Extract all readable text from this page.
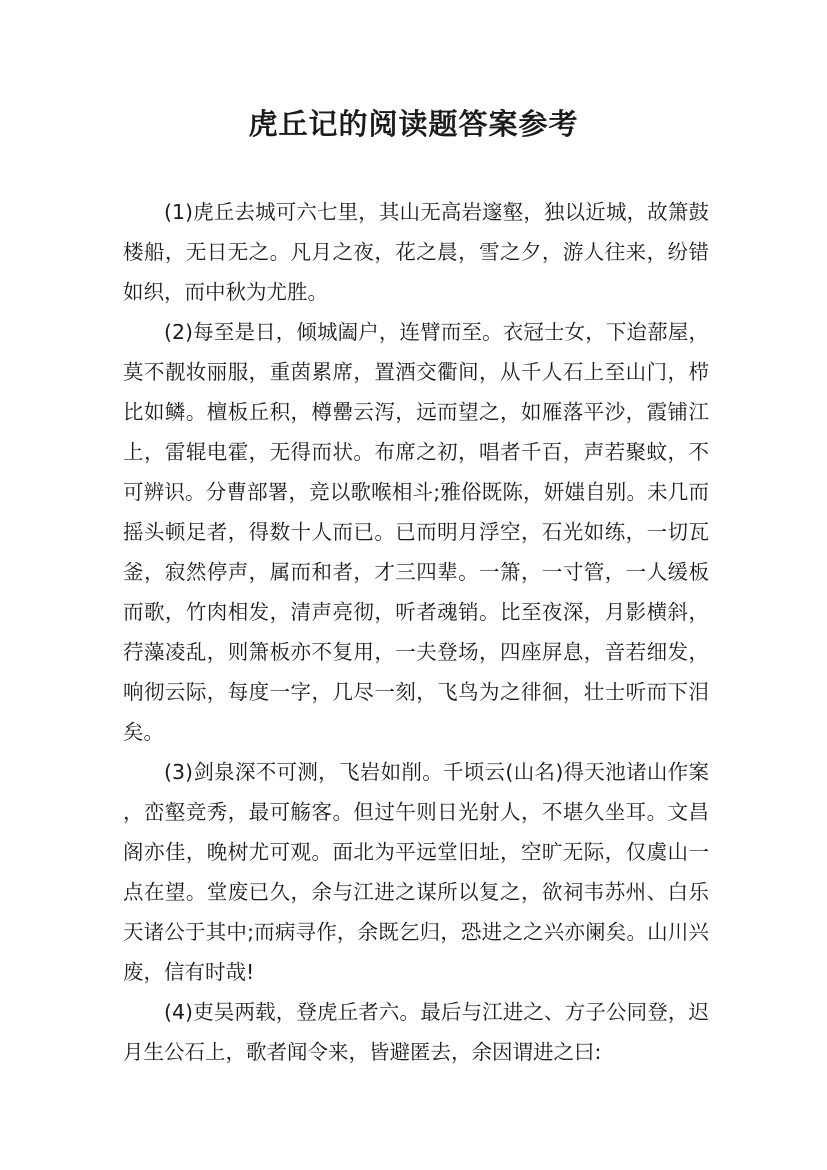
虎丘记的阅读题答案参考

(1)虎丘去城可六七里，其山无高岩邃壑，独以近城，故箫鼓楼船，无日无之。凡月之夜，花之晨，雪之夕，游人往来，纷错如织，而中秋为尤胜。

(2)每至是日，倾城阖户，连臂而至。衣冠士女，下迨蔀屋，莫不靓妆丽服，重茵累席，置酒交衢间，从千人石上至山门，栉比如鳞。檀板丘积，樽罍云泻，远而望之，如雁落平沙，霞铺江上，雷辊电霍，无得而状。布席之初，唱者千百，声若聚蚊，不可辨识。分曹部署，竞以歌喉相斗;雅俗既陈，妍媸自别。未几而摇头顿足者，得数十人而已。已而明月浮空，石光如练，一切瓦釜，寂然停声，属而和者，才三四辈。一箫，一寸管，一人缓板而歌，竹肉相发，清声亮彻，听者魂销。比至夜深，月影横斜，荇藻凌乱，则箫板亦不复用，一夫登场，四座屏息，音若细发，响彻云际，每度一字，几尽一刻，飞鸟为之徘徊，壮士听而下泪矣。

(3)剑泉深不可测，飞岩如削。千顷云(山名)得天池诸山作案，峦壑竞秀，最可觞客。但过午则日光射人，不堪久坐耳。文昌阁亦佳，晚树尤可观。面北为平远堂旧址，空旷无际，仅虞山一点在望。堂废已久，余与江进之谋所以复之，欲祠韦苏州、白乐天诸公于其中;而病寻作，余既乞归，恐进之之兴亦阑矣。山川兴废，信有时哉!

(4)吏吴两载，登虎丘者六。最后与江进之、方子公同登，迟月生公石上，歌者闻令来，皆避匿去，余因谓进之曰:
